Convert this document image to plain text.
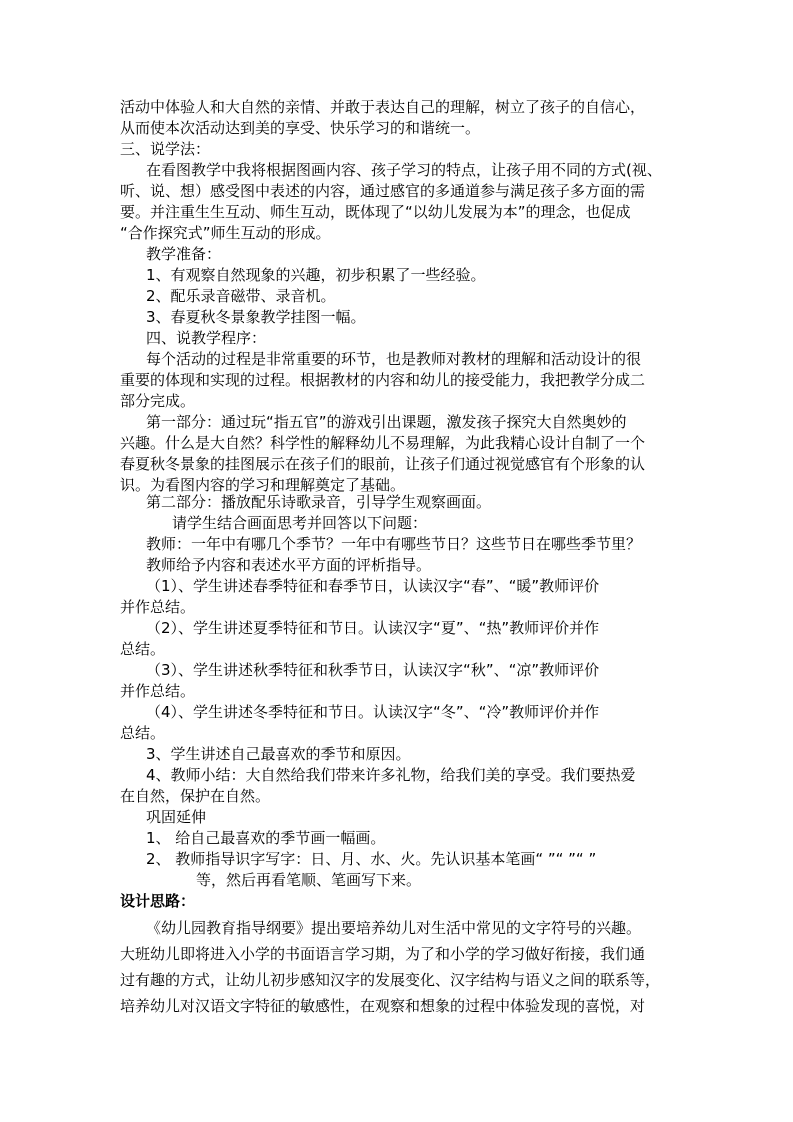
活动中体验人和大自然的亲情、并敢于表达自己的理解，树立了孩子的自信心，
从而使本次活动达到美的享受、快乐学习的和谐统一。
三、说学法：
在看图教学中我将根据图画内容、孩子学习的特点，让孩子用不同的方式(视、
听、说、想）感受图中表述的内容，通过感官的多通道参与满足孩子多方面的需
要。并注重生生互动、师生互动，既体现了“以幼儿发展为本”的理念，也促成
“合作探究式”师生互动的形成。
教学准备：
1、有观察自然现象的兴趣，初步积累了一些经验。
2、配乐录音磁带、录音机。
3、春夏秋冬景象教学挂图一幅。
四、说教学程序：
每个活动的过程是非常重要的环节，也是教师对教材的理解和活动设计的很
重要的体现和实现的过程。根据教材的内容和幼儿的接受能力，我把教学分成二
部分完成。
第一部分：通过玩“指五官”的游戏引出课题，激发孩子探究大自然奥妙的
兴趣。什么是大自然？科学性的解释幼儿不易理解，为此我精心设计自制了一个
春夏秋冬景象的挂图展示在孩子们的眼前，让孩子们通过视觉感官有个形象的认
识。为看图内容的学习和理解奠定了基础。
第二部分：播放配乐诗歌录音，引导学生观察画面。
请学生结合画面思考并回答以下问题：
教师：一年中有哪几个季节？一年中有哪些节日？这些节日在哪些季节里？
教师给予内容和表述水平方面的评析指导。
（1）、学生讲述春季特征和春季节日，认读汉字“春”、“暖”教师评价
并作总结。
（2）、学生讲述夏季特征和节日。认读汉字“夏”、“热”教师评价并作
总结。
（3）、学生讲述秋季特征和秋季节日，认读汉字“秋”、“凉”教师评价
并作总结。
（4）、学生讲述冬季特征和节日。认读汉字“冬”、“冷”教师评价并作
总结。
3、学生讲述自己最喜欢的季节和原因。
4、教师小结：大自然给我们带来许多礼物，给我们美的享受。我们要热爱
在自然，保护在自然。
巩固延伸
1、 给自己最喜欢的季节画一幅画。
2、 教师指导识字写字：日、月、水、火。先认识基本笔画“ ”“ ”“ ”
等，然后再看笔顺、笔画写下来。
设计思路：
《幼儿园教育指导纲要》提出要培养幼儿对生活中常见的文字符号的兴趣。
大班幼儿即将进入小学的书面语言学习期，为了和小学的学习做好衔接，我们通
过有趣的方式，让幼儿初步感知汉字的发展变化、汉字结构与语义之间的联系等，
培养幼儿对汉语文字特征的敏感性，在观察和想象的过程中体验发现的喜悦，对
